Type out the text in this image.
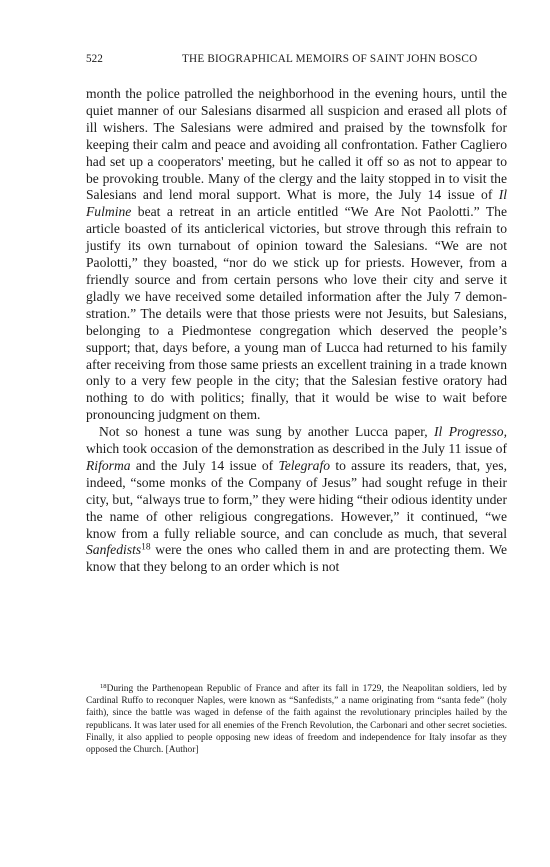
522	THE BIOGRAPHICAL MEMOIRS OF SAINT JOHN BOSCO

month the police patrolled the neighborhood in the evening hours, until the quiet manner of our Salesians disarmed all suspicion and erased all plots of ill wishers. The Salesians were admired and praised by the townsfolk for keeping their calm and peace and avoiding all confrontation. Father Cagliero had set up a cooperators' meeting, but he called it off so as not to appear to be provoking trouble. Many of the clergy and the laity stopped in to visit the Salesians and lend moral support. What is more, the July 14 issue of Il Fulmine beat a retreat in an article entitled “We Are Not Paolotti.” The article boasted of its anticlerical victories, but strove through this refrain to justify its own turnabout of opinion toward the Salesians. “We are not Paolotti,” they boasted, “nor do we stick up for priests. However, from a friendly source and from certain persons who love their city and serve it gladly we have received some detailed information after the July 7 demon-stration.” The details were that those priests were not Jesuits, but Salesians, belonging to a Piedmontese congregation which deserved the people’s support; that, days before, a young man of Lucca had returned to his family after receiving from those same priests an excellent training in a trade known only to a very few people in the city; that the Salesian festive oratory had nothing to do with politics; finally, that it would be wise to wait before pronouncing judgment on them.

Not so honest a tune was sung by another Lucca paper, Il Progresso, which took occasion of the demonstration as described in the July 11 issue of Riforma and the July 14 issue of Telegrafo to assure its readers, that, yes, indeed, “some monks of the Company of Jesus” had sought refuge in their city, but, “always true to form,” they were hiding “their odious identity under the name of other religious congregations. However,” it continued, “we know from a fully reliable source, and can conclude as much, that several Sanfedists$^{18}$ were the ones who called them in and are protecting them. We know that they belong to an order which is not

$^{18}$During the Parthenopean Republic of France and after its fall in 1729, the Neapolitan soldiers, led by Cardinal Ruffo to reconquer Naples, were known as “Sanfedists,” a name originating from “santa fede” (holy faith), since the battle was waged in defense of the faith against the revolutionary principles hailed by the republicans. It was later used for all enemies of the French Revolution, the Carbonari and other secret societies. Finally, it also applied to people opposing new ideas of freedom and independence for Italy insofar as they opposed the Church. [Author]
